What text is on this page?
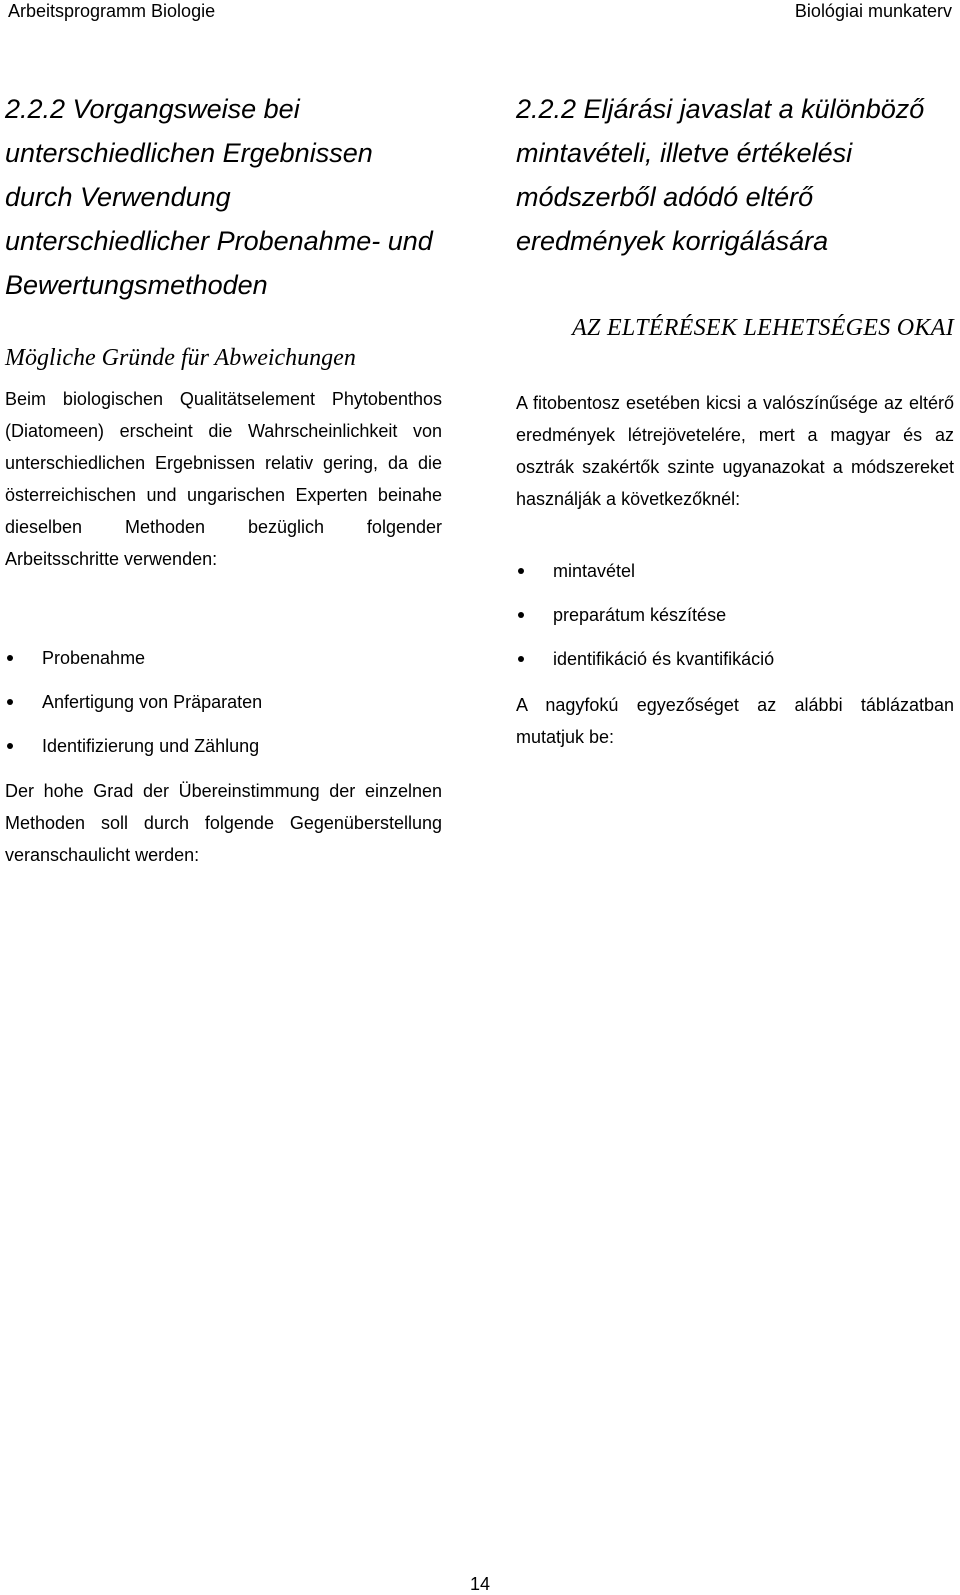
Arbeitsprogramm Biologie	Biológiai munkaterv
2.2.2 Vorgangsweise bei unterschiedlichen Ergebnissen durch Verwendung unterschiedlicher Probenahme- und Bewertungsmethoden
Mögliche Gründe für Abweichungen

Beim biologischen Qualitätselement Phytobenthos (Diatomeen) erscheint die Wahrscheinlichkeit von unterschiedlichen Ergebnissen relativ gering, da die österreichischen und ungarischen Experten beinahe dieselben Methoden bezüglich folgender Arbeitsschritte verwenden:

Probenahme
Anfertigung von Präparaten
Identifizierung und Zählung

Der hohe Grad der Übereinstimmung der einzelnen Methoden soll durch folgende Gegenüberstellung veranschaulicht werden:

2.2.2 Eljárási javaslat a különböző mintavételi, illetve értékelési módszerből adódó eltérő eredmények korrigálására
AZ ELTÉRÉSEK LEHETSÉGES OKAI

A fitobentosz esetében kicsi a valószínűsége az eltérő eredmények létrejövetelére, mert a magyar és az osztrák szakértők szinte ugyanazokat a módszereket használják a következőknél:

mintavétel
preparátum készítése
identifikáció és kvantifikáció

A nagyfokú egyezőséget az alábbi táblázatban mutatjuk be:

14
